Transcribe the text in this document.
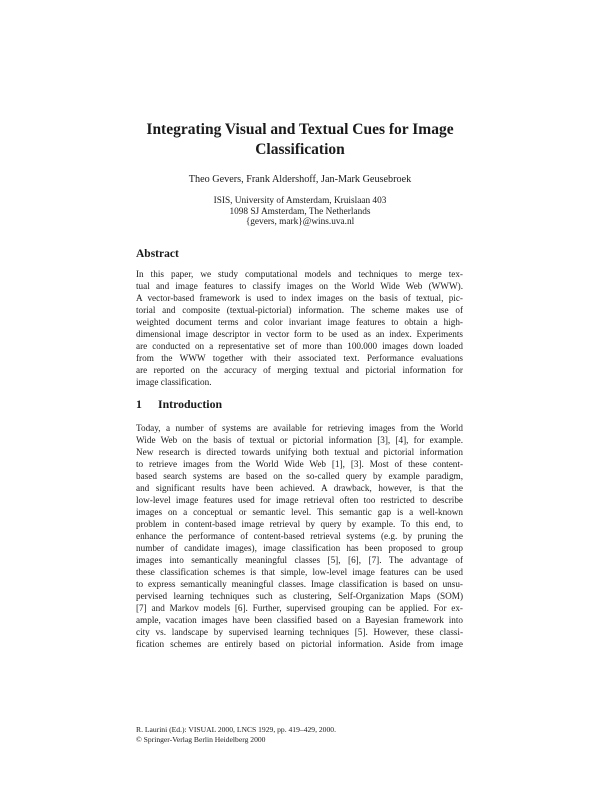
Integrating Visual and Textual Cues for Image
Classification

Theo Gevers, Frank Aldershoff, Jan-Mark Geusebroek

ISIS, University of Amsterdam, Kruislaan 403
1098 SJ Amsterdam, The Netherlands
{gevers, mark}@wins.uva.nl
Abstract
In this paper, we study computational models and techniques to merge tex-
tual and image features to classify images on the World Wide Web (WWW).
A vector-based framework is used to index images on the basis of textual, pic-
torial and composite (textual-pictorial) information. The scheme makes use of
weighted document terms and color invariant image features to obtain a high-
dimensional image descriptor in vector form to be used as an index. Experiments
are conducted on a representative set of more than 100.000 images down loaded
from the WWW together with their associated text. Performance evaluations
are reported on the accuracy of merging textual and pictorial information for
image classification.
1 Introduction
Today, a number of systems are available for retrieving images from the World
Wide Web on the basis of textual or pictorial information [3], [4], for example.
New research is directed towards unifying both textual and pictorial information
to retrieve images from the World Wide Web [1], [3]. Most of these content-
based search systems are based on the so-called query by example paradigm,
and significant results have been achieved. A drawback, however, is that the
low-level image features used for image retrieval often too restricted to describe
images on a conceptual or semantic level. This semantic gap is a well-known
problem in content-based image retrieval by query by example. To this end, to
enhance the performance of content-based retrieval systems (e.g. by pruning the
number of candidate images), image classification has been proposed to group
images into semantically meaningful classes [5], [6], [7]. The advantage of
these classification schemes is that simple, low-level image features can be used
to express semantically meaningful classes. Image classification is based on unsu-
pervised learning techniques such as clustering, Self-Organization Maps (SOM)
[7] and Markov models [6]. Further, supervised grouping can be applied. For ex-
ample, vacation images have been classified based on a Bayesian framework into
city vs. landscape by supervised learning techniques [5]. However, these classi-
fication schemes are entirely based on pictorial information. Aside from image
R. Laurini (Ed.): VISUAL 2000, LNCS 1929, pp. 419–429, 2000.
© Springer-Verlag Berlin Heidelberg 2000
